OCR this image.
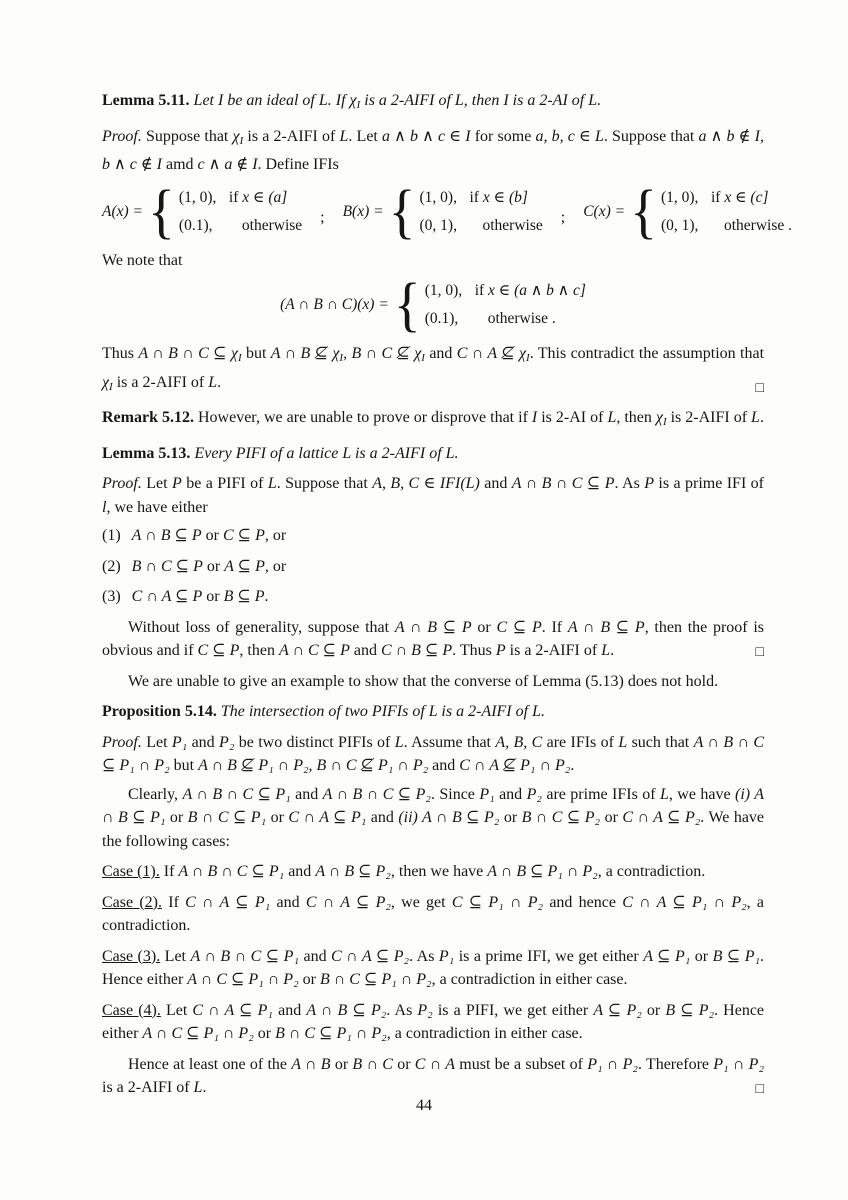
Lemma 5.11. Let I be an ideal of L. If χI is a 2-AIFI of L, then I is a 2-AI of L.

Proof. Suppose that χI is a 2-AIFI of L. Let a ∧ b ∧ c ∈ I for some a, b, c ∈ L. Suppose that a ∧ b ∉ I, b ∧ c ∉ I amd c ∧ a ∉ I. Define IFIs

A(x) = { (1, 0), if x ∈ (a]
(0.1),	otherwise ; B(x) = { (1, 0), if x ∈ (b]
(0, 1),	otherwise ; C(x) = { (1, 0), if x ∈ (c]
(0, 1),	otherwise .

We note that

(A ∩ B ∩ C)(x) = { (1, 0), if x ∈ (a ∧ b ∧ c]
(0.1),	otherwise .

Thus A ∩ B ∩ C ⊆ χI but A ∩ B ⊈ χI, B ∩ C ⊈ χI and C ∩ A ⊈ χI. This contradict the assumption that χI is a 2-AIFI of L.	□

Remark 5.12. However, we are unable to prove or disprove that if I is 2-AI of L, then χI is 2-AIFI of L.

Lemma 5.13. Every PIFI of a lattice L is a 2-AIFI of L.

Proof. Let P be a PIFI of L. Suppose that A, B, C ∈ IFI(L) and A ∩ B ∩ C ⊆ P. As P is a prime IFI of l, we have either

(1) A ∩ B ⊆ P or C ⊆ P, or

(2) B ∩ C ⊆ P or A ⊆ P, or

(3) C ∩ A ⊆ P or B ⊆ P.

Without loss of generality, suppose that A ∩ B ⊆ P or C ⊆ P. If A ∩ B ⊆ P, then the proof is obvious and if C ⊆ P, then A ∩ C ⊆ P and C ∩ B ⊆ P. Thus P is a 2-AIFI of L.	□

We are unable to give an example to show that the converse of Lemma (5.13) does not hold.

Proposition 5.14. The intersection of two PIFIs of L is a 2-AIFI of L.

Proof. Let P₁ and P₂ be two distinct PIFIs of L. Assume that A, B, C are IFIs of L such that A ∩ B ∩ C ⊆ P₁ ∩ P₂ but A ∩ B ⊈ P₁ ∩ P₂, B ∩ C ⊈ P₁ ∩ P₂ and C ∩ A ⊈ P₁ ∩ P₂.

Clearly, A ∩ B ∩ C ⊆ P₁ and A ∩ B ∩ C ⊆ P₂. Since P₁ and P₂ are prime IFIs of L, we have (i) A ∩ B ⊆ P₁ or B ∩ C ⊆ P₁ or C ∩ A ⊆ P₁ and (ii) A ∩ B ⊆ P₂ or B ∩ C ⊆ P₂ or C ∩ A ⊆ P₂. We have the following cases:

Case (1). If A ∩ B ∩ C ⊆ P₁ and A ∩ B ⊆ P₂, then we have A ∩ B ⊆ P₁ ∩ P₂, a contradiction.

Case (2). If C ∩ A ⊆ P₁ and C ∩ A ⊆ P₂, we get C ⊆ P₁ ∩ P₂ and hence C ∩ A ⊆ P₁ ∩ P₂, a contradiction.

Case (3). Let A ∩ B ∩ C ⊆ P₁ and C ∩ A ⊆ P₂. As P₁ is a prime IFI, we get either A ⊆ P₁ or B ⊆ P₁. Hence either A ∩ C ⊆ P₁ ∩ P₂ or B ∩ C ⊆ P₁ ∩ P₂, a contradiction in either case.

Case (4). Let C ∩ A ⊆ P₁ and A ∩ B ⊆ P₂. As P₂ is a PIFI, we get either A ⊆ P₂ or B ⊆ P₂. Hence either A ∩ C ⊆ P₁ ∩ P₂ or B ∩ C ⊆ P₁ ∩ P₂, a contradiction in either case.

Hence at least one of the A ∩ B or B ∩ C or C ∩ A must be a subset of P₁ ∩ P₂. Therefore P₁ ∩ P₂ is a 2-AIFI of L.	□

44
